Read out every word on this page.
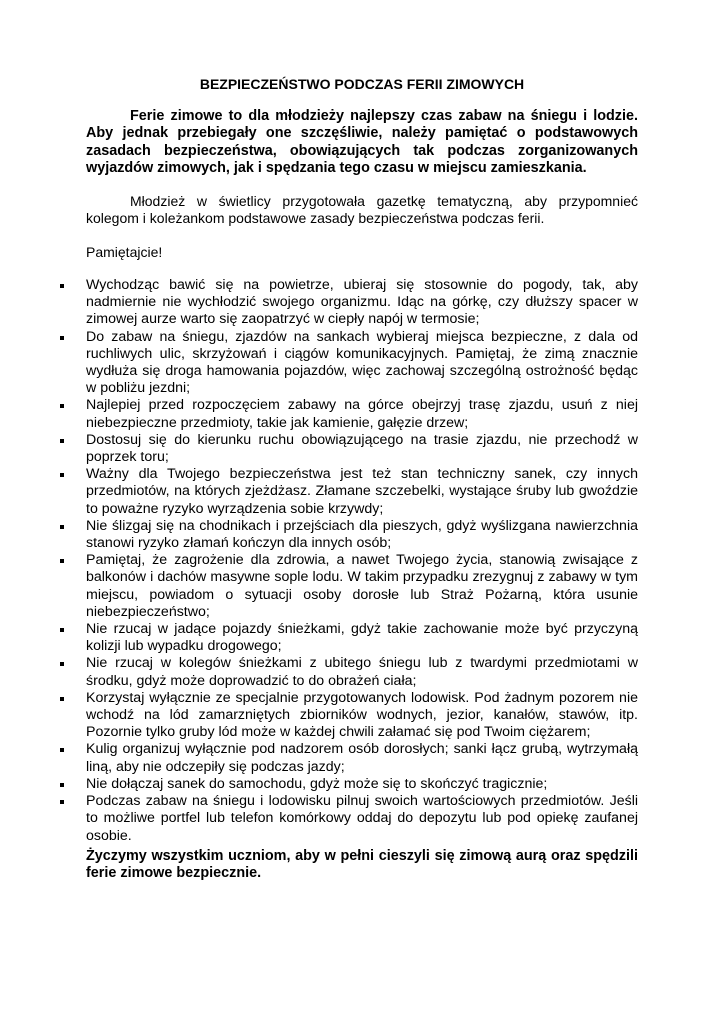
BEZPIECZEŃSTWO PODCZAS FERII ZIMOWYCH

Ferie zimowe to dla młodzieży najlepszy czas zabaw na śniegu i lodzie. Aby jednak przebiegały one szczęśliwie, należy pamiętać o podstawowych zasadach bezpieczeństwa, obowiązujących tak podczas zorganizowanych wyjazdów zimowych, jak i spędzania tego czasu w miejscu zamieszkania.

Młodzież w świetlicy przygotowała gazetkę tematyczną, aby przypomnieć kolegom i koleżankom podstawowe zasady bezpieczeństwa podczas ferii.

Pamiętajcie!

Wychodząc bawić się na powietrze, ubieraj się stosownie do pogody, tak, aby nadmiernie nie wychłodzić swojego organizmu. Idąc na górkę, czy dłuższy spacer w zimowej aurze warto się zaopatrzyć w ciepły napój w termosie;
Do zabaw na śniegu, zjazdów na sankach wybieraj miejsca bezpieczne, z dala od ruchliwych ulic, skrzyżowań i ciągów komunikacyjnych. Pamiętaj, że zimą znacznie wydłuża się droga hamowania pojazdów, więc zachowaj szczególną ostrożność będąc w pobliżu jezdni;
Najlepiej przed rozpoczęciem zabawy na górce obejrzyj trasę zjazdu, usuń z niej niebezpieczne przedmioty, takie jak kamienie, gałęzie drzew;
Dostosuj się do kierunku ruchu obowiązującego na trasie zjazdu, nie przechodź w poprzek toru;
Ważny dla Twojego bezpieczeństwa jest też stan techniczny sanek, czy innych przedmiotów, na których zjeżdżasz. Złamane szczebelki, wystające śruby lub gwoździe to poważne ryzyko wyrządzenia sobie krzywdy;
Nie ślizgaj się na chodnikach i przejściach dla pieszych, gdyż wyślizgana nawierzchnia stanowi ryzyko złamań kończyn dla innych osób;
Pamiętaj, że zagrożenie dla zdrowia, a nawet Twojego życia, stanowią zwisające z balkonów i dachów masywne sople lodu. W takim przypadku zrezygnuj z zabawy w tym miejscu, powiadom o sytuacji osoby dorosłe lub Straż Pożarną, która usunie niebezpieczeństwo;
Nie rzucaj w jadące pojazdy śnieżkami, gdyż takie zachowanie może być przyczyną kolizji lub wypadku drogowego;
Nie rzucaj w kolegów śnieżkami z ubitego śniegu lub z twardymi przedmiotami w środku, gdyż może doprowadzić to do obrażeń ciała;
Korzystaj wyłącznie ze specjalnie przygotowanych lodowisk. Pod żadnym pozorem nie wchodź na lód zamarzniętych zbiorników wodnych, jezior, kanałów, stawów, itp. Pozornie tylko gruby lód może w każdej chwili załamać się pod Twoim ciężarem;
Kulig organizuj wyłącznie pod nadzorem osób dorosłych; sanki łącz grubą, wytrzymałą liną, aby nie odczepiły się podczas jazdy;
Nie dołączaj sanek do samochodu, gdyż może się to skończyć tragicznie;
Podczas zabaw na śniegu i lodowisku pilnuj swoich wartościowych przedmiotów. Jeśli to możliwe portfel lub telefon komórkowy oddaj do depozytu lub pod opiekę zaufanej osobie.

Życzymy wszystkim uczniom, aby w pełni cieszyli się zimową aurą oraz spędzili ferie zimowe bezpiecznie.
